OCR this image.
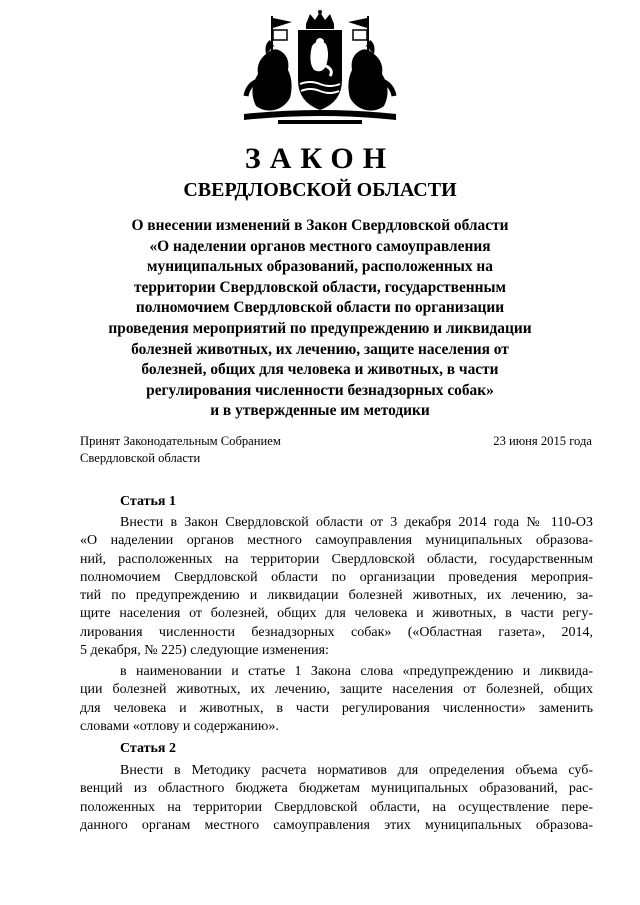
ЗАКОН
СВЕРДЛОВСКОЙ ОБЛАСТИ
О внесении изменений в Закон Свердловской области
«О наделении органов местного самоуправления
муниципальных образований, расположенных на
территории Свердловской области, государственным
полномочием Свердловской области по организации
проведения мероприятий по предупреждению и ликвидации
болезней животных, их лечению, защите населения от
болезней, общих для человека и животных, в части
регулирования численности безнадзорных собак»
и в утвержденные им методики
Принят Законодательным Собранием
Свердловской области
23 июня 2015 года
Статья 1
Внести в Закон Свердловской области от 3 декабря 2014 года № 110-ОЗ
«О наделении органов местного самоуправления муниципальных образова-
ний, расположенных на территории Свердловской области, государственным
полномочием Свердловской области по организации проведения мероприя-
тий по предупреждению и ликвидации болезней животных, их лечению, за-
щите населения от болезней, общих для человека и животных, в части регу-
лирования численности безнадзорных собак» («Областная газета», 2014,
5 декабря, № 225) следующие изменения:
в наименовании и статье 1 Закона слова «предупреждению и ликвида-
ции болезней животных, их лечению, защите населения от болезней, общих
для человека и животных, в части регулирования численности» заменить
словами «отлову и содержанию».
Статья 2
Внести в Методику расчета нормативов для определения объема суб-
венций из областного бюджета бюджетам муниципальных образований, рас-
положенных на территории Свердловской области, на осуществление пере-
данного органам местного самоуправления этих муниципальных образова-
